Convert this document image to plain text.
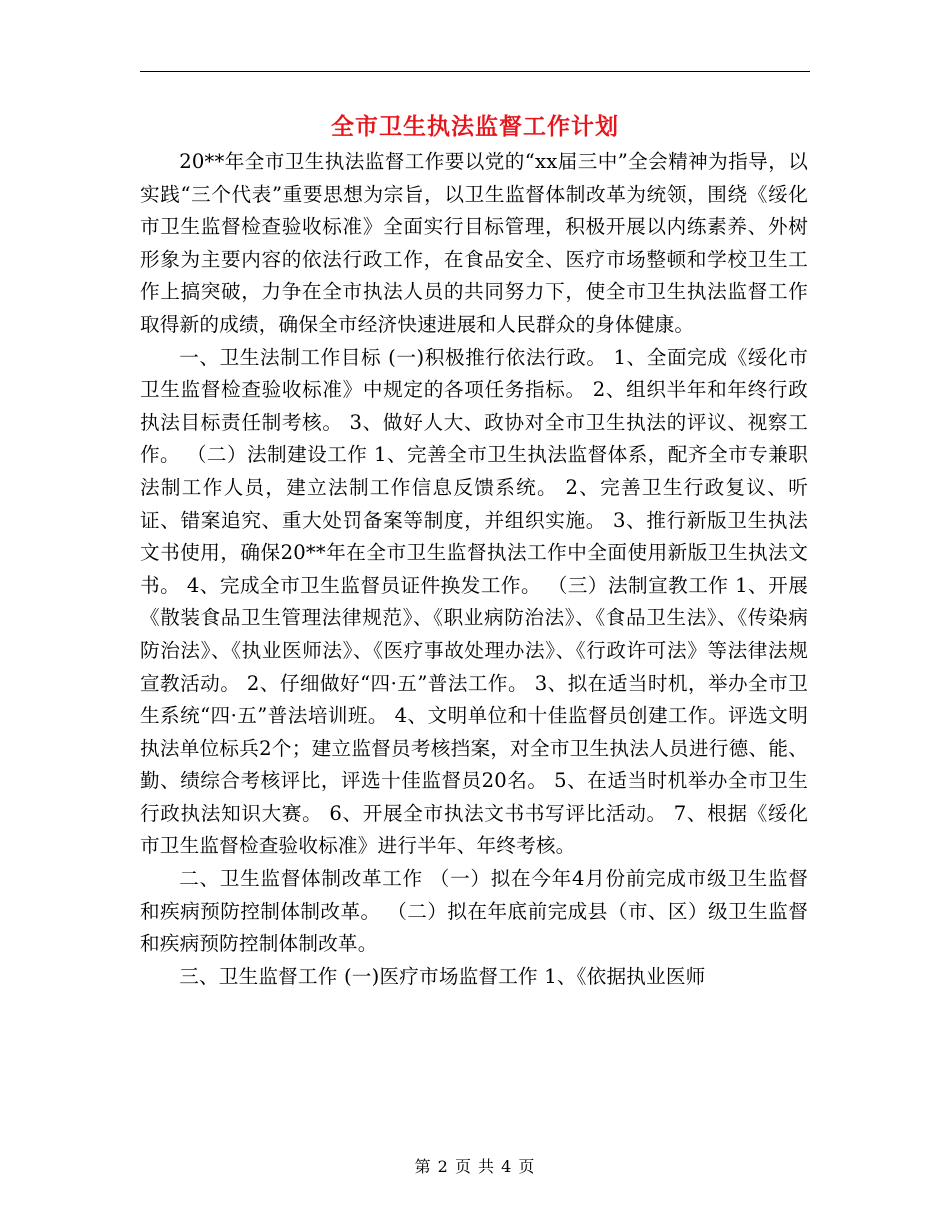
全市卫生执法监督工作计划

20**年全市卫生执法监督工作要以党的“xx届三中”全会精神为指导，以实践“三个代表”重要思想为宗旨，以卫生监督体制改革为统领，围绕《绥化市卫生监督检查验收标准》全面实行目标管理，积极开展以内练素养、外树形象为主要内容的依法行政工作，在食品安全、医疗市场整顿和学校卫生工作上搞突破，力争在全市执法人员的共同努力下，使全市卫生执法监督工作取得新的成绩，确保全市经济快速进展和人民群众的身体健康。

一、卫生法制工作目标 (一)积极推行依法行政。 1、全面完成《绥化市卫生监督检查验收标准》中规定的各项任务指标。 2、组织半年和年终行政执法目标责任制考核。 3、做好人大、政协对全市卫生执法的评议、视察工作。 （二）法制建设工作 1、完善全市卫生执法监督体系，配齐全市专兼职法制工作人员，建立法制工作信息反馈系统。 2、完善卫生行政复议、听证、错案追究、重大处罚备案等制度，并组织实施。 3、推行新版卫生执法文书使用，确保20**年在全市卫生监督执法工作中全面使用新版卫生执法文书。 4、完成全市卫生监督员证件换发工作。 （三）法制宣教工作 1、开展《散装食品卫生管理法律规范》、《职业病防治法》、《食品卫生法》、《传染病防治法》、《执业医师法》、《医疗事故处理办法》、《行政许可法》等法律法规宣教活动。 2、仔细做好“四·五”普法工作。 3、拟在适当时机，举办全市卫生系统“四·五”普法培训班。 4、文明单位和十佳监督员创建工作。评选文明执法单位标兵2个；建立监督员考核挡案，对全市卫生执法人员进行德、能、勤、绩综合考核评比，评选十佳监督员20名。 5、在适当时机举办全市卫生行政执法知识大赛。 6、开展全市执法文书书写评比活动。 7、根据《绥化市卫生监督检查验收标准》进行半年、年终考核。

二、卫生监督体制改革工作 （一）拟在今年4月份前完成市级卫生监督和疾病预防控制体制改革。 （二）拟在年底前完成县（市、区）级卫生监督和疾病预防控制体制改革。

三、卫生监督工作 (一)医疗市场监督工作 1、《依据执业医师

第 2 页 共 4 页
